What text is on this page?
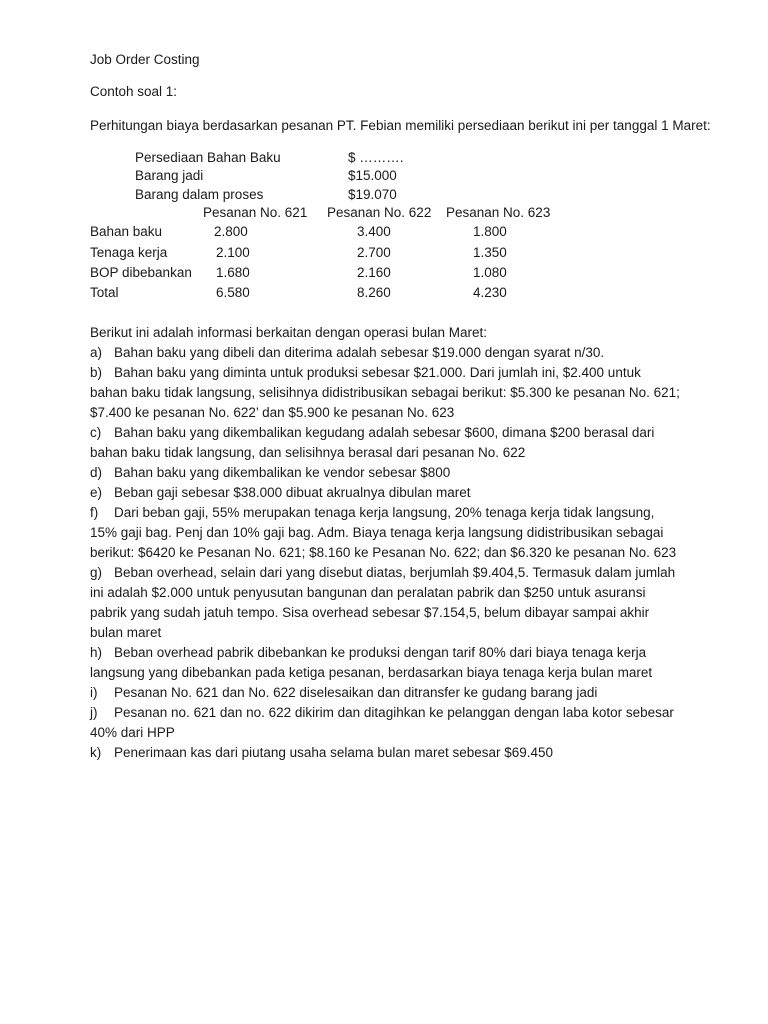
Job Order Costing
Contoh soal 1:
Perhitungan biaya berdasarkan pesanan PT. Febian memiliki persediaan berikut ini per tanggal 1 Maret:
Persediaan Bahan Baku	$ ……….
Barang jadi	$15.000
Barang dalam proses	$19.070
Pesanan No. 621 Pesanan No. 622 Pesanan No. 623
Bahan baku	2.800	3.400	1.800
Tenaga kerja	2.100	2.700	1.350
BOP dibebankan 1.680	2.160	1.080
Total	6.580	8.260	4.230
Berikut ini adalah informasi berkaitan dengan operasi bulan Maret:
a) Bahan baku yang dibeli dan diterima adalah sebesar $19.000 dengan syarat n/30.
b) Bahan baku yang diminta untuk produksi sebesar $21.000. Dari jumlah ini, $2.400 untuk bahan baku tidak langsung, selisihnya didistribusikan sebagai berikut: $5.300 ke pesanan No. 621; $7.400 ke pesanan No. 622’ dan $5.900 ke pesanan No. 623
c) Bahan baku yang dikembalikan kegudang adalah sebesar $600, dimana $200 berasal dari bahan baku tidak langsung, dan selisihnya berasal dari pesanan No. 622
d) Bahan baku yang dikembalikan ke vendor sebesar $800
e) Beban gaji sebesar $38.000 dibuat akrualnya dibulan maret
f) Dari beban gaji, 55% merupakan tenaga kerja langsung, 20% tenaga kerja tidak langsung, 15% gaji bag. Penj dan 10% gaji bag. Adm. Biaya tenaga kerja langsung didistribusikan sebagai berikut: $6420 ke Pesanan No. 621; $8.160 ke Pesanan No. 622; dan $6.320 ke pesanan No. 623
g) Beban overhead, selain dari yang disebut diatas, berjumlah $9.404,5. Termasuk dalam jumlah ini adalah $2.000 untuk penyusutan bangunan dan peralatan pabrik dan $250 untuk asuransi pabrik yang sudah jatuh tempo. Sisa overhead sebesar $7.154,5, belum dibayar sampai akhir bulan maret
h) Beban overhead pabrik dibebankan ke produksi dengan tarif 80% dari biaya tenaga kerja langsung yang dibebankan pada ketiga pesanan, berdasarkan biaya tenaga kerja bulan maret
i)	Pesanan No. 621 dan No. 622 diselesaikan dan ditransfer ke gudang barang jadi
j) Pesanan no. 621 dan no. 622 dikirim dan ditagihkan ke pelanggan dengan laba kotor sebesar 40% dari HPP
k) Penerimaan kas dari piutang usaha selama bulan maret sebesar $69.450
